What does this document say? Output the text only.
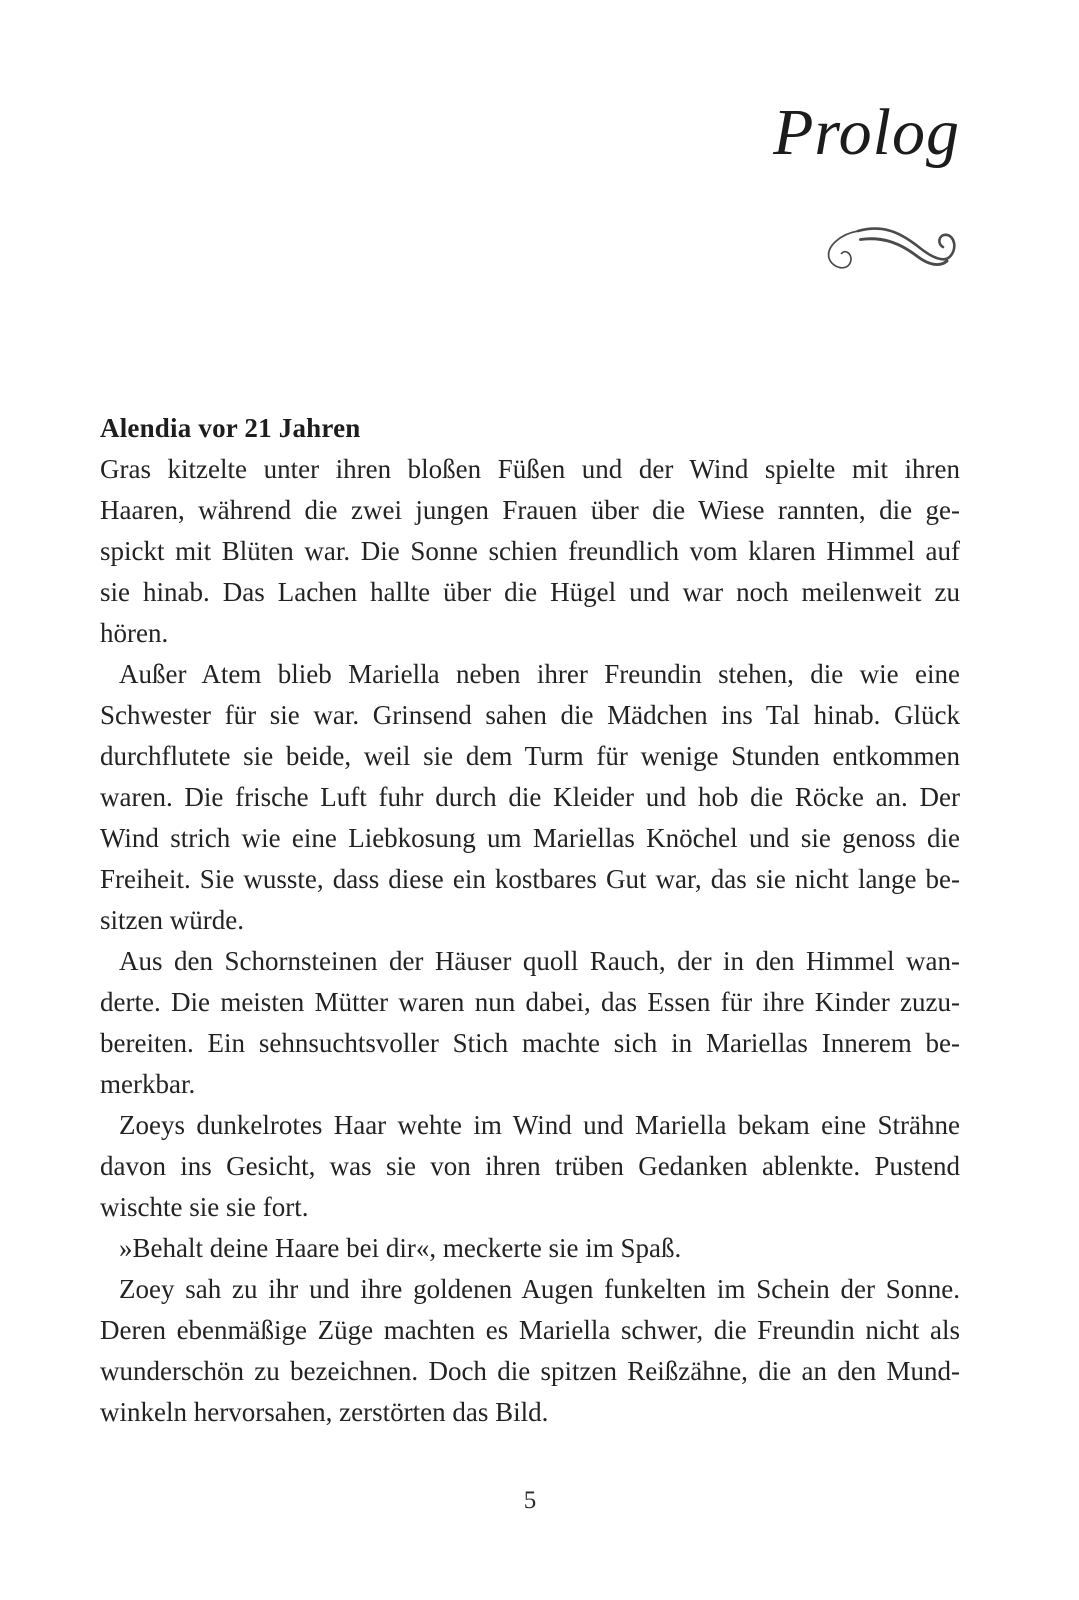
Prolog
Alendia vor 21 Jahren
Gras kitzelte unter ihren bloßen Füßen und der Wind spielte mit ihren
Haaren, während die zwei jungen Frauen über die Wiese rannten, die ge-
spickt mit Blüten war. Die Sonne schien freundlich vom klaren Himmel auf
sie hinab. Das Lachen hallte über die Hügel und war noch meilenweit zu
hören.
Außer Atem blieb Mariella neben ihrer Freundin stehen, die wie eine
Schwester für sie war. Grinsend sahen die Mädchen ins Tal hinab. Glück
durchflutete sie beide, weil sie dem Turm für wenige Stunden entkommen
waren. Die frische Luft fuhr durch die Kleider und hob die Röcke an. Der
Wind strich wie eine Liebkosung um Mariellas Knöchel und sie genoss die
Freiheit. Sie wusste, dass diese ein kostbares Gut war, das sie nicht lange be-
sitzen würde.
Aus den Schornsteinen der Häuser quoll Rauch, der in den Himmel wan-
derte. Die meisten Mütter waren nun dabei, das Essen für ihre Kinder zuzu-
bereiten. Ein sehnsuchtsvoller Stich machte sich in Mariellas Innerem be-
merkbar.
Zoeys dunkelrotes Haar wehte im Wind und Mariella bekam eine Strähne
davon ins Gesicht, was sie von ihren trüben Gedanken ablenkte. Pustend
wischte sie sie fort.
»Behalt deine Haare bei dir«, meckerte sie im Spaß.
Zoey sah zu ihr und ihre goldenen Augen funkelten im Schein der Sonne.
Deren ebenmäßige Züge machten es Mariella schwer, die Freundin nicht als
wunderschön zu bezeichnen. Doch die spitzen Reißzähne, die an den Mund-
winkeln hervorsahen, zerstörten das Bild.
5
